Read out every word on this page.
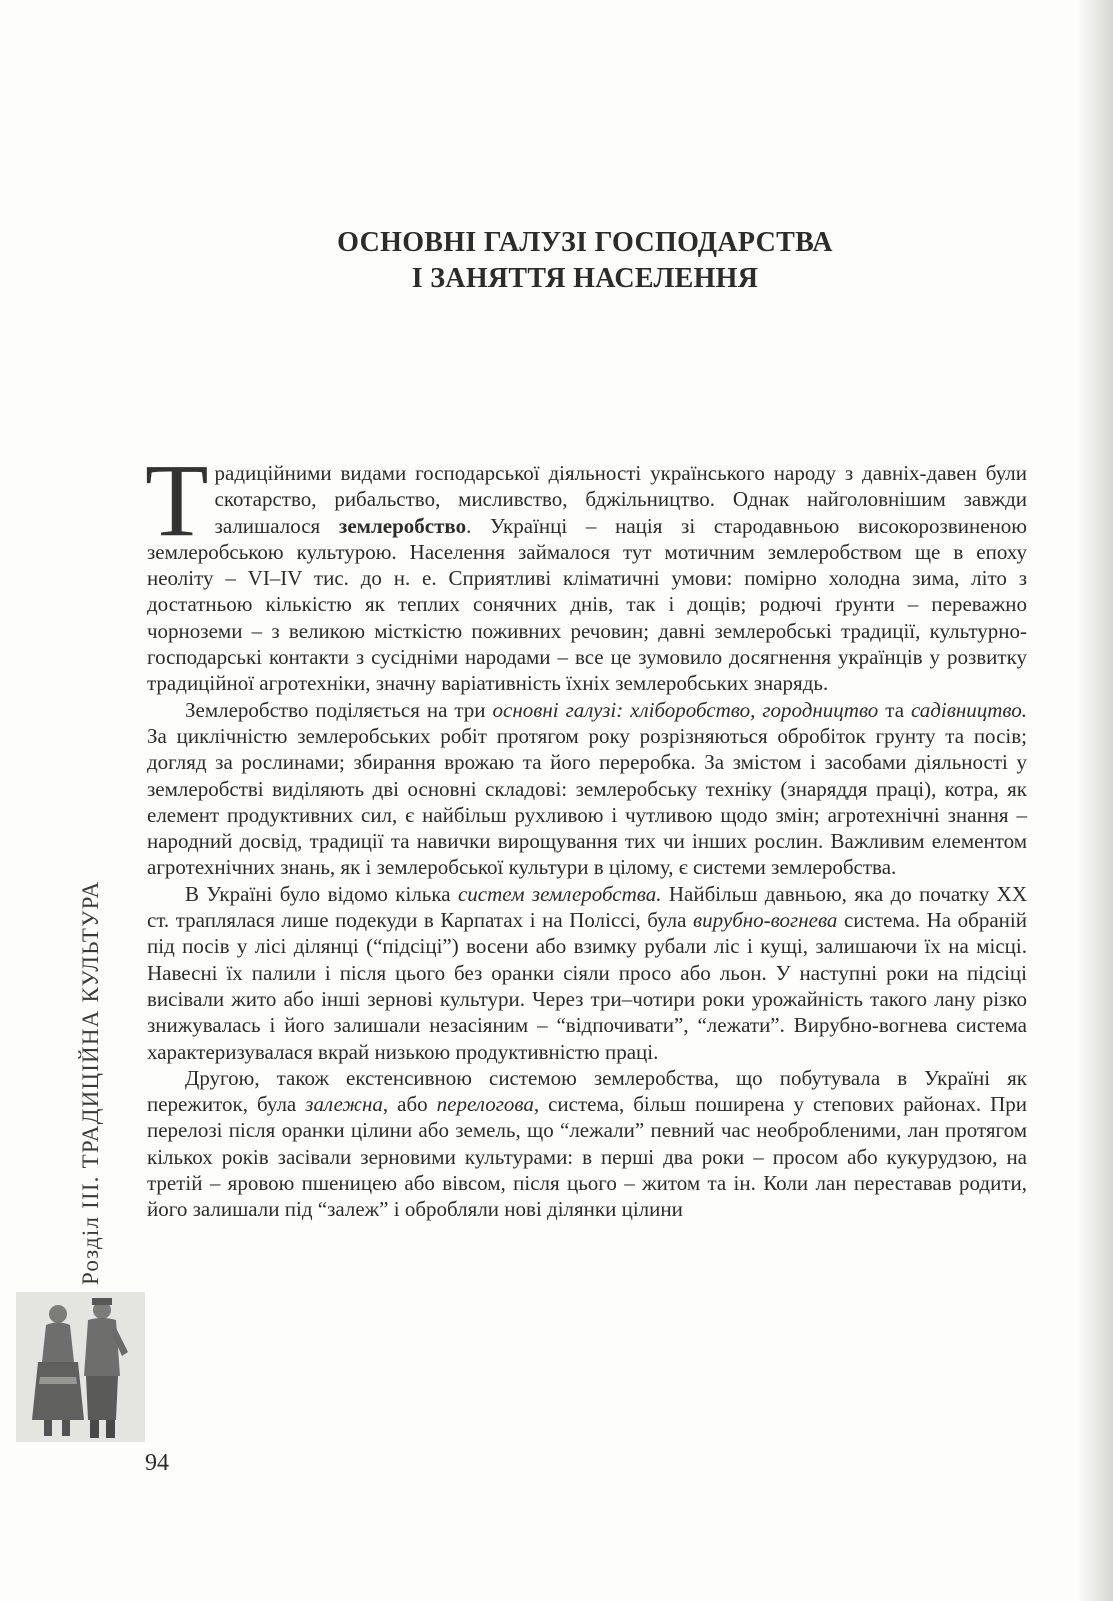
ОСНОВНІ ГАЛУЗІ ГОСПОДАРСТВА
І ЗАНЯТТЯ НАСЕЛЕННЯ

Традиційними видами господарської діяльності українського народу з давніх-давен були скотарство, рибальство, мисливство, бджільництво. Однак найголовнішим завжди залишалося землеробство. Українці – нація зі стародавньою високорозвиненою землеробською культурою. Населення займалося тут мотичним землеробством ще в епоху неоліту – VI–IV тис. до н. е. Сприятливі кліматичні умови: помірно холодна зима, літо з достатньою кількістю як теплих сонячних днів, так і дощів; родючі ґрунти – переважно чорноземи – з великою місткістю поживних речовин; давні землеробські традиції, культурно-господарські контакти з сусідніми народами – все це зумовило досягнення українців у розвитку традиційної агротехніки, значну варіативність їхніх землеробських знарядь.

Землеробство поділяється на три основні галузі: хліборобство, городництво та садівництво. За циклічністю землеробських робіт протягом року розрізняються обробіток грунту та посів; догляд за рослинами; збирання врожаю та його переробка. За змістом і засобами діяльності у землеробстві виділяють дві основні складові: землеробську техніку (знаряддя праці), котра, як елемент продуктивних сил, є найбільш рухливою і чутливою щодо змін; агротехнічні знання – народний досвід, традиції та навички вирощування тих чи інших рослин. Важливим елементом агротехнічних знань, як і землеробської культури в цілому, є системи землеробства.

В Україні було відомо кілька систем землеробства. Найбільш давньою, яка до початку XX ст. траплялася лише подекуди в Карпатах і на Поліссі, була вирубно-вогнева система. На обраній під посів у лісі ділянці (“підсіці”) восени або взимку рубали ліс і кущі, залишаючи їх на місці. Навесні їх палили і після цього без оранки сіяли просо або льон. У наступні роки на підсіці висівали жито або інші зернові культури. Через три–чотири роки урожайність такого лану різко знижувалась і його залишали незасіяним – “відпочивати”, “лежати”. Вирубно-вогнева система характеризувалася вкрай низькою продуктивністю праці.

Другою, також екстенсивною системою землеробства, що побутувала в Україні як пережиток, була залежна, або перелогова, система, більш поширена у степових районах. При перелозі після оранки цілини або земель, що “лежали” певний час необробленими, лан протягом кількох років засівали зерновими культурами: в перші два роки – просом або кукурудзою, на третій – яровою пшеницею або вівсом, після цього – житом та ін. Коли лан переставав родити, його залишали під “залеж” і обробляли нові ділянки цілини

Розділ III. ТРАДИЦІЙНА КУЛЬТУРА
94
